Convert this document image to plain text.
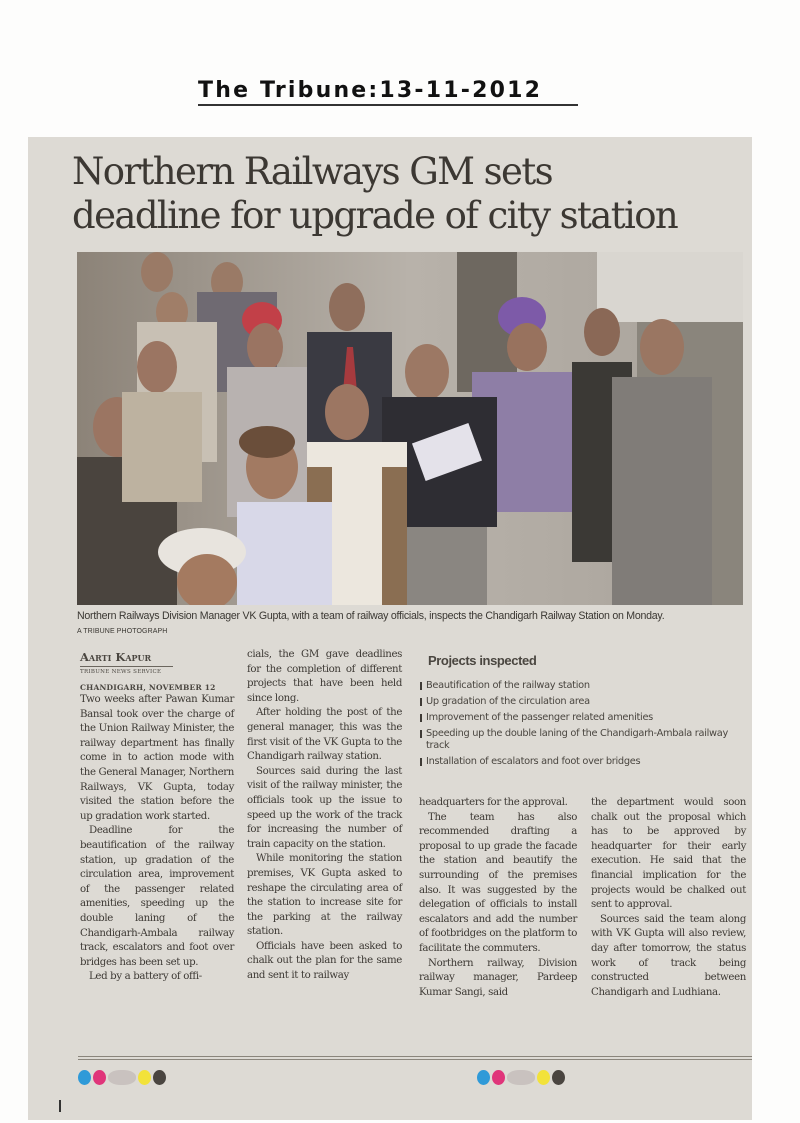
The Tribune:13-11-2012
Northern Railways GM sets
deadline for upgrade of city station
Northern Railways Division Manager VK Gupta, with a team of railway officials, inspects the Chandigarh Railway Station on Monday.
A TRIBUNE PHOTOGRAPH
Aarti Kapur
TRIBUNE NEWS SERVICE
CHANDIGARH, NOVEMBER 12

Two weeks after Pawan Kumar Bansal took over the charge of the Union Railway Minister, the railway department has finally come in to action mode with the General Manager, Northern Railways, VK Gupta, today visited the station before the up gradation work started.

Deadline for the beautification of the railway station, up gradation of the circulation area, improvement of the passenger related amenities, speeding up the double laning of the Chandigarh-Ambala railway track, escalators and foot over bridges has been set up.

Led by a battery of offi-

cials, the GM gave deadlines for the completion of different projects that have been held since long.

After holding the post of the general manager, this was the first visit of the VK Gupta to the Chandigarh railway station.

Sources said during the last visit of the railway minister, the officials took up the issue to speed up the work of the track for increasing the number of train capacity on the station.

While monitoring the station premises, VK Gupta asked to reshape the circulating area of the station to increase site for the parking at the railway station.

Officials have been asked to chalk out the plan for the same and sent it to railway

Projects inspected
Beautification of the railway station
Up gradation of the circulation area
Improvement of the passenger related amenities
Speeding up the double laning of the Chandigarh-Ambala railway track
Installation of escalators and foot over bridges

headquarters for the approval.

The team has also recommended drafting a proposal to up grade the facade the station and beautify the surrounding of the premises also. It was suggested by the delegation of officials to install escalators and add the number of footbridges on the platform to facilitate the commuters.

Northern railway, Division railway manager, Pardeep Kumar Sangi, said

the department would soon chalk out the proposal which has to be approved by headquarter for their early execution. He said that the financial implication for the projects would be chalked out sent to approval.

Sources said the team along with VK Gupta will also review, day after tomorrow, the status work of track being constructed between Chandigarh and Ludhiana.
